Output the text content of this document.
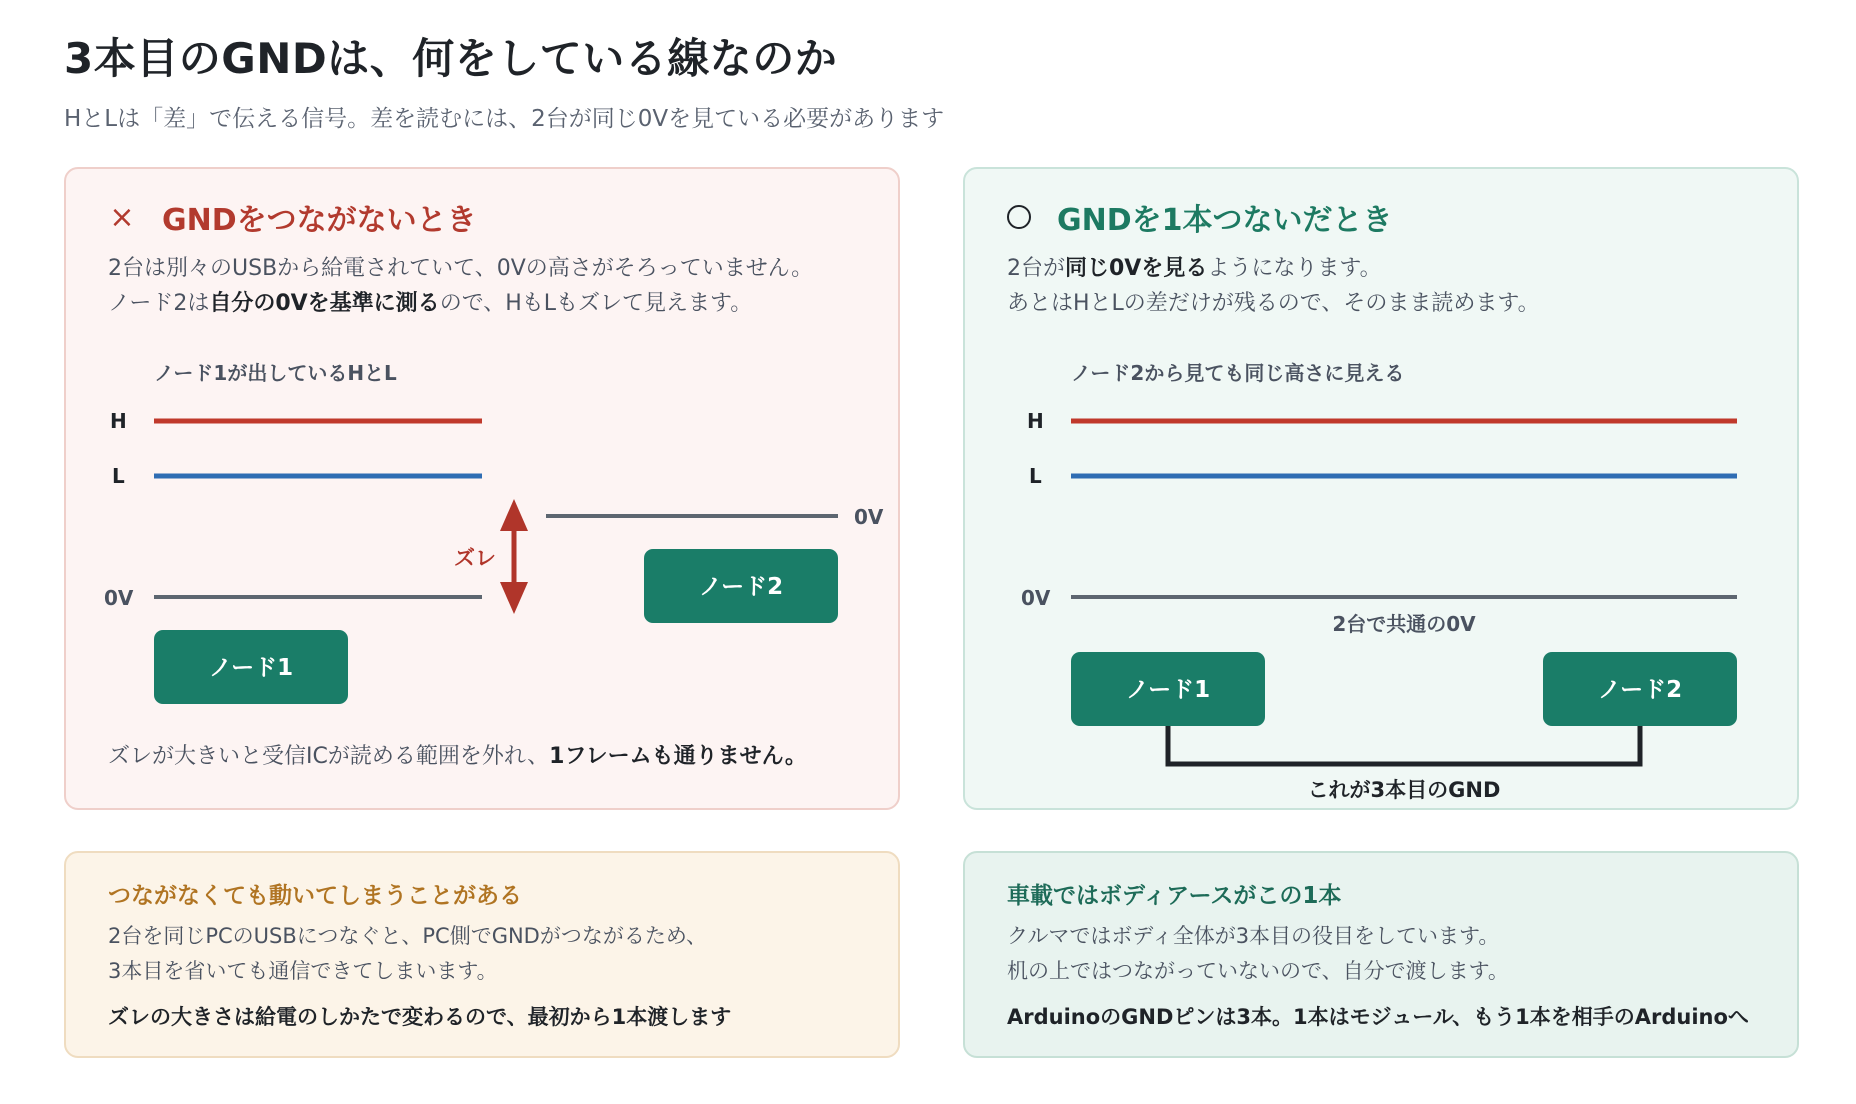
3本目のGNDは、何をしている線なのか

HとLは「差」で伝える信号。差を読むには、2台が同じ0Vを見ている必要があります

× GNDをつながないとき
2台は別々のUSBから給電されていて、0Vの高さがそろっていません。
ノード2は自分の0Vを基準に測るので、HもLもズレて見えます。
ノード1が出しているHとL
H
L
0V
0V
ズレ
ノード2
ノード1
ズレが大きいと受信ICが読める範囲を外れ、1フレームも通りません。
GNDを1本つないだとき
2台が同じ0Vを見るようになります。
あとはHとLの差だけが残るので、そのまま読めます。
ノード2から見ても同じ高さに見える
H
L
0V
2台で共通の0V
ノード1	ノード2
これが3本目のGND
つながなくても動いてしまうことがある
2台を同じPCのUSBにつなぐと、PC側でGNDがつながるため、
3本目を省いても通信できてしまいます。
ズレの大きさは給電のしかたで変わるので、最初から1本渡します
車載ではボディアースがこの1本
クルマではボディ全体が3本目の役目をしています。
机の上ではつながっていないので、自分で渡します。
ArduinoのGNDピンは3本。1本はモジュール、もう1本を相手のArduinoへ
